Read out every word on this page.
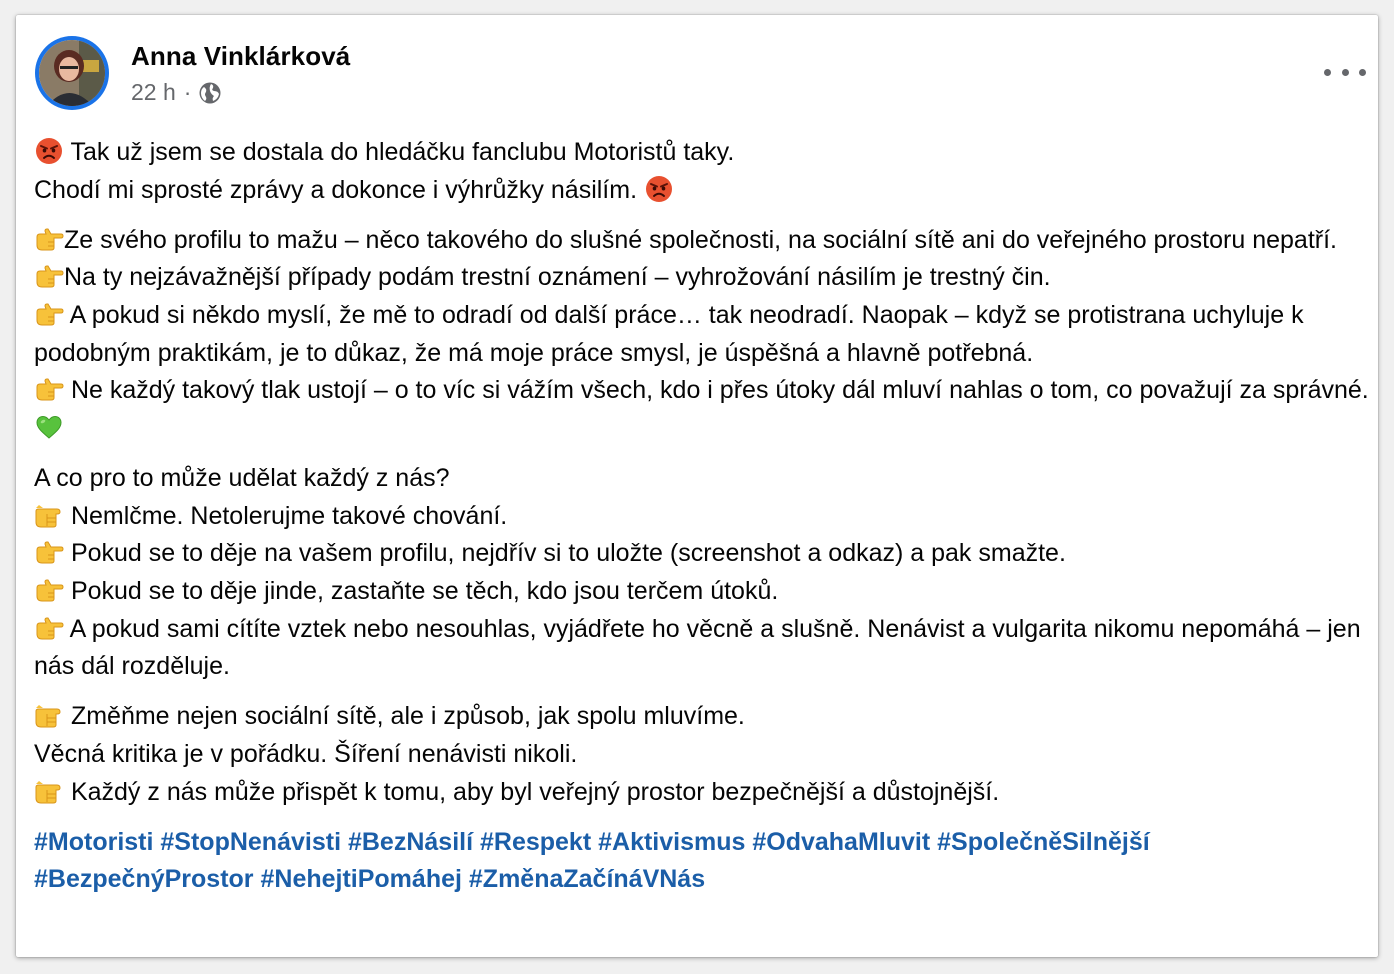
Anna Vinklárková
22 h ·
Tak už jsem se dostala do hledáčku fanclubu Motoristů taky.
Chodí mi sprosté zprávy a dokonce i výhrůžky násilím.
Ze svého profilu to mažu – něco takového do slušné společnosti, na sociální sítě ani do veřejného prostoru nepatří.
Na ty nejzávažnější případy podám trestní oznámení – vyhrožování násilím je trestný čin.
A pokud si někdo myslí, že mě to odradí od další práce… tak neodradí. Naopak – když se protistrana uchyluje k podobným praktikám, je to důkaz, že má moje práce smysl, je úspěšná a hlavně potřebná.
Ne každý takový tlak ustojí – o to víc si vážím všech, kdo i přes útoky dál mluví nahlas o tom, co považují za správné.
A co pro to může udělat každý z nás?
Nemlčme. Netolerujme takové chování.
Pokud se to děje na vašem profilu, nejdřív si to uložte (screenshot a odkaz) a pak smažte.
Pokud se to děje jinde, zastaňte se těch, kdo jsou terčem útoků.
A pokud sami cítíte vztek nebo nesouhlas, vyjádřete ho věcně a slušně. Nenávist a vulgarita nikomu nepomáhá – jen nás dál rozděluje.
Změňme nejen sociální sítě, ale i způsob, jak spolu mluvíme.
Věcná kritika je v pořádku. Šíření nenávisti nikoli.
Každý z nás může přispět k tomu, aby byl veřejný prostor bezpečnější a důstojnější.
#Motoristi #StopNenávisti #BezNásilí #Respekt #Aktivismus #OdvahaMluvit #SpolečněSilnější #BezpečnýProstor #NehejtiPomáhej #ZměnaZačínáVNás
